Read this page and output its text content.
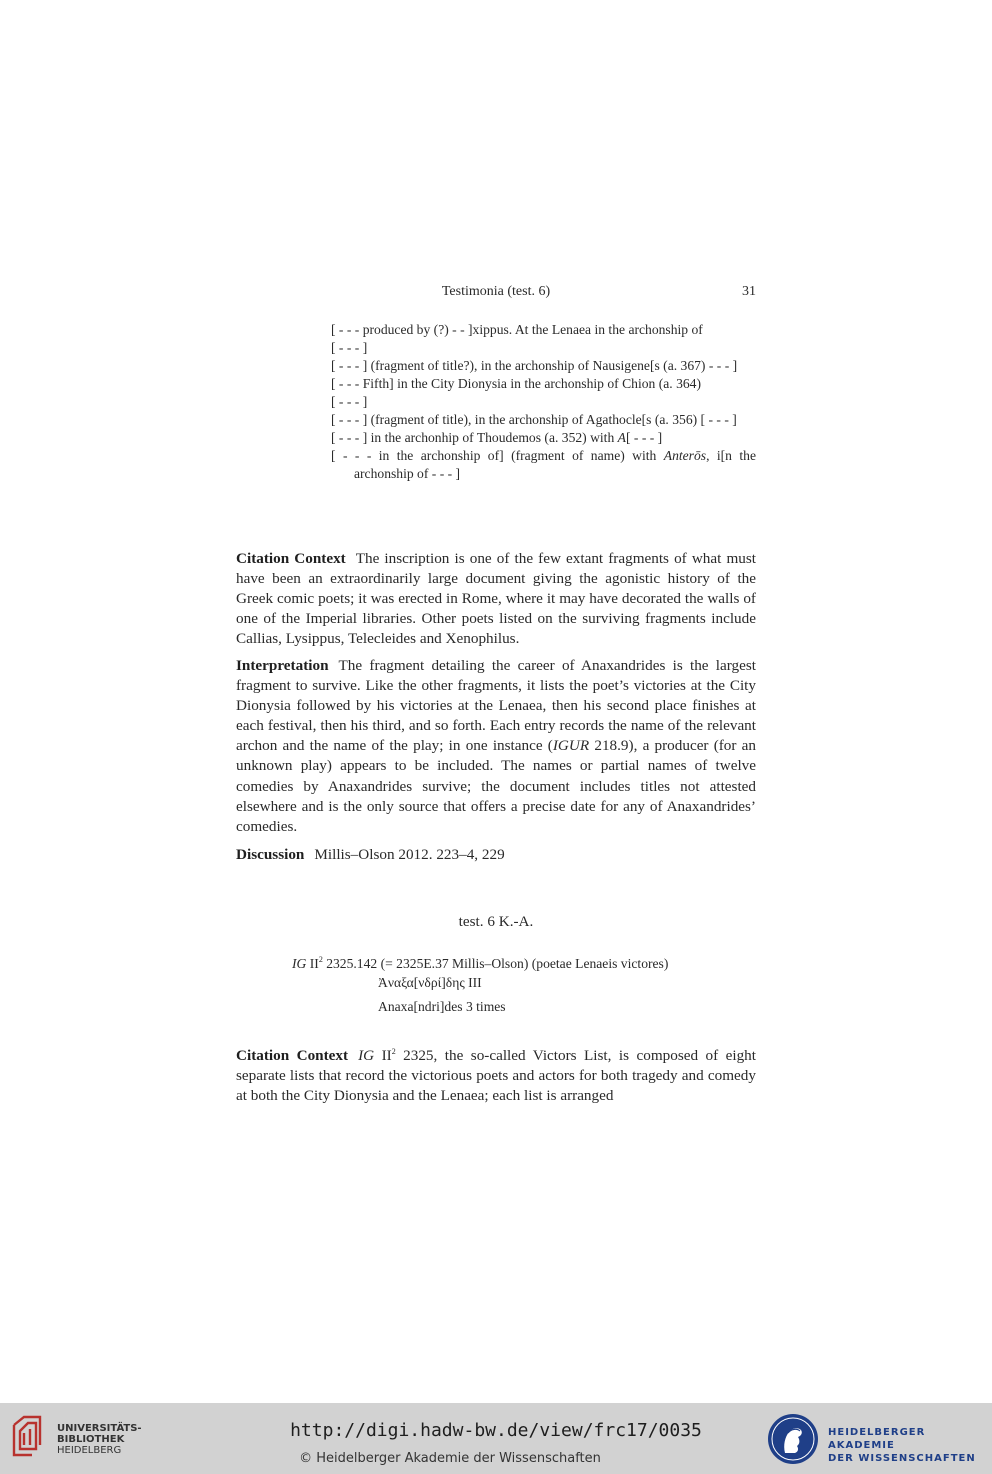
Testimonia (test. 6)	31
[ - - - produced by (?) - - ]xippus. At the Lenaea in the archonship of
[ - - - ]
[ - - - ] (fragment of title?), in the archonship of Nausigene[s (a. 367) - - - ]
[ - - - Fifth] in the City Dionysia in the archonship of Chion (a. 364)
[ - - - ]
[ - - - ] (fragment of title), in the archonship of Agathocle[s (a. 356) [ - - - ]
[ - - - ] in the archonhip of Thoudemos (a. 352) with A[ - - - ]
[ - - - in the archonship of] (fragment of name) with Anterōs, i[n the archonship of - - - ]

Citation Context The inscription is one of the few extant fragments of what must have been an extraordinarily large document giving the agonistic history of the Greek comic poets; it was erected in Rome, where it may have decorated the walls of one of the Imperial libraries. Other poets listed on the surviving fragments include Callias, Lysippus, Telecleides and Xenophilus.

Interpretation The fragment detailing the career of Anaxandrides is the largest fragment to survive. Like the other fragments, it lists the poet’s victories at the City Dionysia followed by his victories at the Lenaea, then his second place finishes at each festival, then his third, and so forth. Each entry records the name of the relevant archon and the name of the play; in one instance (IGUR 218.9), a producer (for an unknown play) appears to be included. The names or partial names of twelve comedies by Anaxandrides survive; the document includes titles not attested elsewhere and is the only source that offers a precise date for any of Anaxandrides’ comedies.

Discussion Millis–Olson 2012. 223–4, 229

test. 6 K.-A.
IG $II^2$ 2325.142 (= 2325E.37 Millis–Olson) (poetae Lenaeis victores)
Ἀναξα[νδρί]δης ΙΙΙ
Anaxa[ndri]des 3 times

Citation Context IG $II^2$ 2325, the so-called Victors List, is composed of eight separate lists that record the victorious poets and actors for both tragedy and comedy at both the City Dionysia and the Lenaea; each list is arranged

UNIVERSITÄTS-
BIBLIOTHEK
HEIDELBERG
http://digi.hadw-bw.de/view/frc17/0035
© Heidelberger Akademie der Wissenschaften
HEIDELBERGER AKADEMIE
DER WISSENSCHAFTEN
